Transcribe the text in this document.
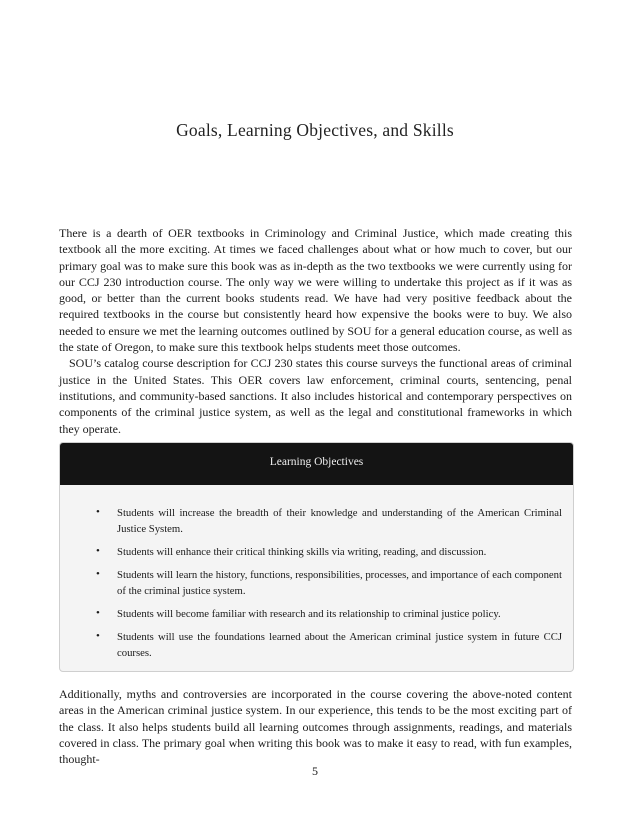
Goals, Learning Objectives, and Skills

There is a dearth of OER textbooks in Criminology and Criminal Justice, which made creating this textbook all the more exciting. At times we faced challenges about what or how much to cover, but our primary goal was to make sure this book was as in-depth as the two textbooks we were currently using for our CCJ 230 introduction course. The only way we were willing to undertake this project as if it was as good, or better than the current books students read. We have had very positive feedback about the required textbooks in the course but consistently heard how expensive the books were to buy. We also needed to ensure we met the learning outcomes outlined by SOU for a general education course, as well as the state of Oregon, to make sure this textbook helps students meet those outcomes.

SOU’s catalog course description for CCJ 230 states this course surveys the functional areas of criminal justice in the United States. This OER covers law enforcement, criminal courts, sentencing, penal institutions, and community-based sanctions. It also includes historical and contemporary perspectives on components of the criminal justice system, as well as the legal and constitutional frameworks in which they operate.

Learning Objectives
• Students will increase the breadth of their knowledge and understanding of the American Criminal Justice System.
• Students will enhance their critical thinking skills via writing, reading, and discussion.
• Students will learn the history, functions, responsibilities, processes, and importance of each component of the criminal justice system.
• Students will become familiar with research and its relationship to criminal justice policy.
• Students will use the foundations learned about the American criminal justice system in future CCJ courses.

Additionally, myths and controversies are incorporated in the course covering the above-noted content areas in the American criminal justice system. In our experience, this tends to be the most exciting part of the class. It also helps students build all learning outcomes through assignments, readings, and materials covered in class. The primary goal when writing this book was to make it easy to read, with fun examples, thought-

5
